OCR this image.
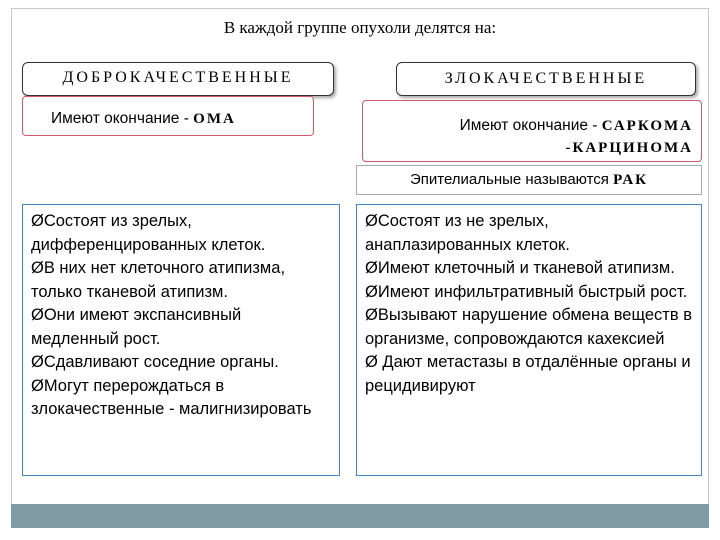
В каждой группе опухоли делятся на:
ДОБРОКАЧЕСТВЕННЫЕ	ЗЛОКАЧЕСТВЕННЫЕ
Имеют окончание - ОМА	Имеют окончание - САРКОМА
-КАРЦИНОМА
Эпителиальные называются РАК

ØСостоят из зрелых, дифференцированных клеток.

ØВ них нет клеточного атипизма, только тканевой атипизм.

ØОни имеют экспансивный медленный рост.

ØСдавливают соседние органы.

ØМогут перерождаться в злокачественные - малигнизировать

ØСостоят из не зрелых, анаплазированных клеток.

ØИмеют клеточный и тканевой атипизм.

ØИмеют инфильтративный быстрый рост.

ØВызывают нарушение обмена веществ в организме, сопровождаются кахексией

Ø Дают метастазы в отдалённые органы и рецидивируют
